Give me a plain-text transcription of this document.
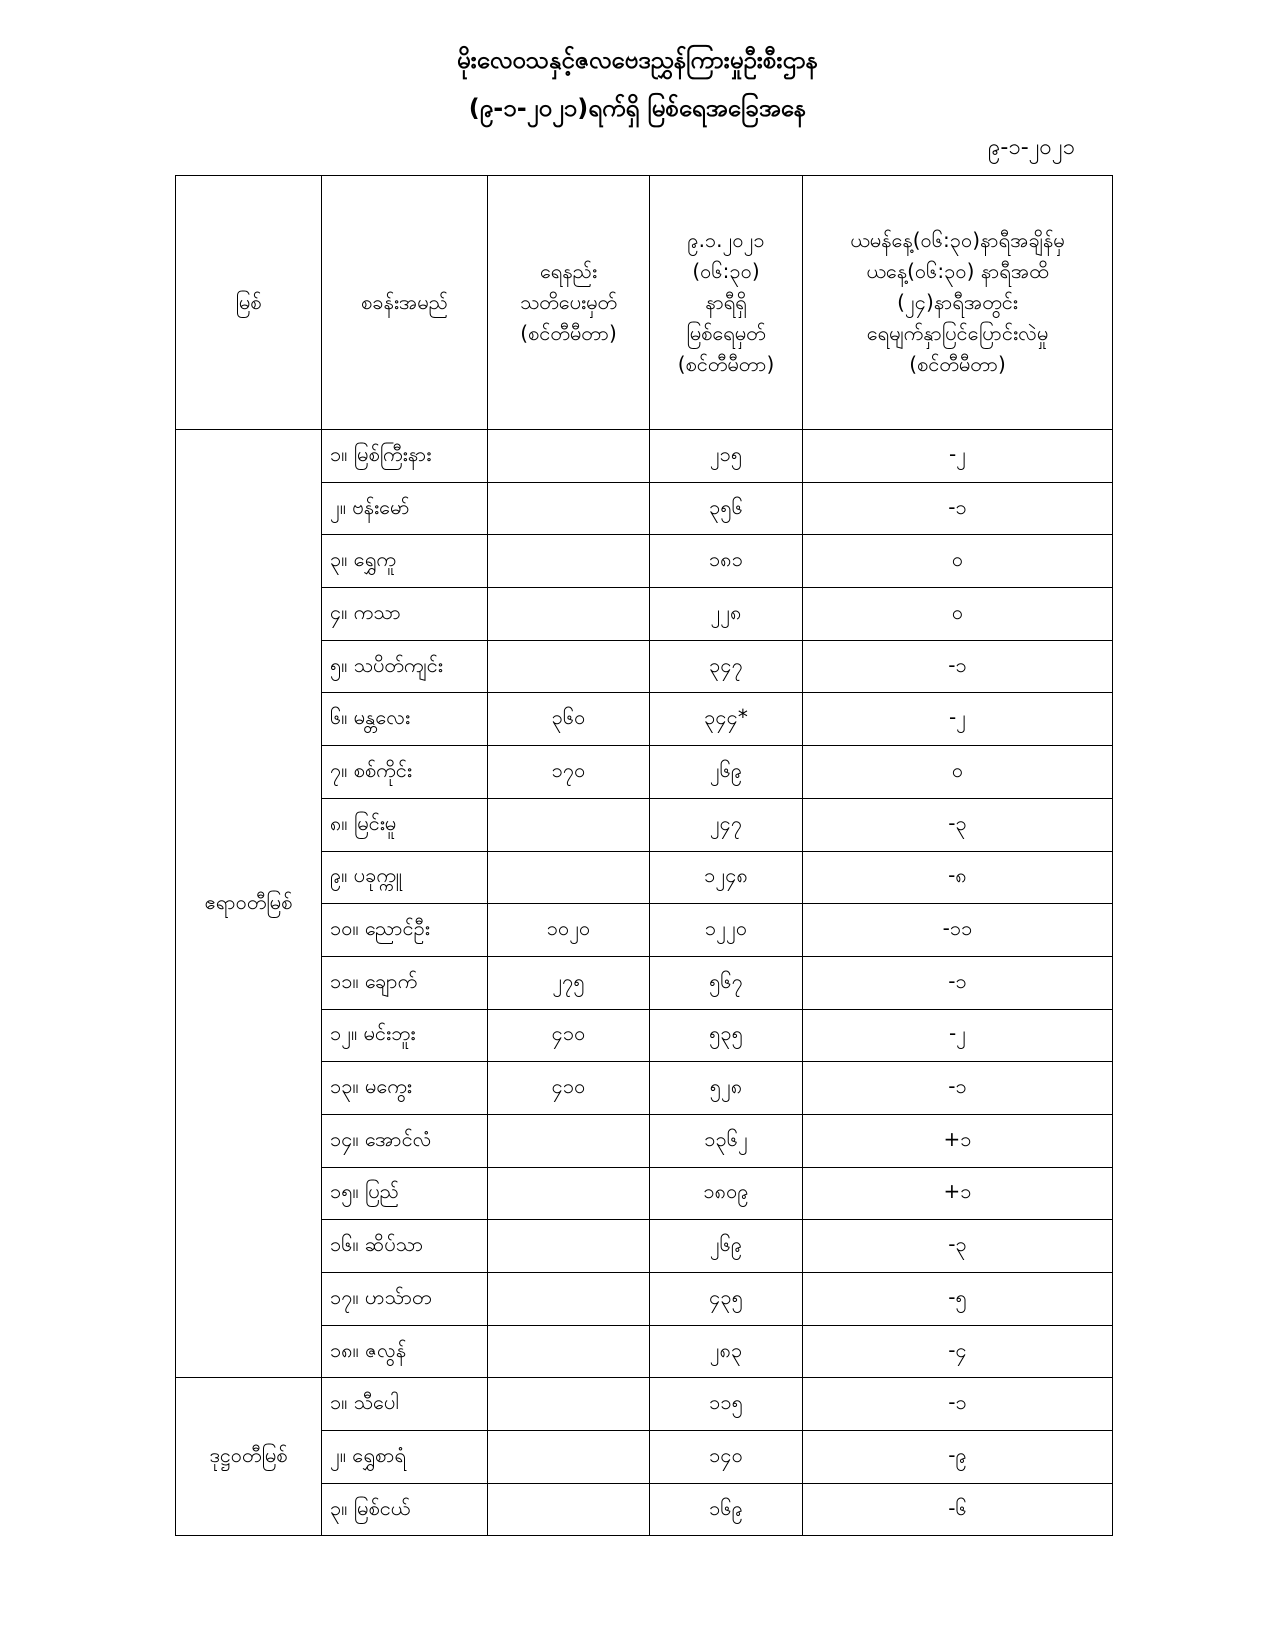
မိုးလေဝသနှင့်ဇလဗေဒညွှန်ကြားမှုဦးစီးဌာန
(၉-၁-၂၀၂၁)ရက်ရှိ မြစ်ရေအခြေအနေ
၉-၁-၂၀၂၁
မြစ်	စခန်းအမည်	ရေနည်း
သတိပေးမှတ်
(စင်တီမီတာ)	၉.၁.၂၀၂၁
(၀၆:၃၀)
နာရီရှိ
မြစ်ရေမှတ်
(စင်တီမီတာ)	ယမန်နေ့(၀၆:၃၀)နာရီအချိန်မှ
ယနေ့(၀၆:၃၀) နာရီအထိ
(၂၄)နာရီအတွင်း
ရေမျက်နှာပြင်ပြောင်းလဲမှု
(စင်တီမီတာ)

ဧရာဝတီမြစ်	၁။ မြစ်ကြီးနား		၂၁၅	-၂
	၂။ ဗန်းမော်		၃၅၆	-၁
	၃။ ရွှေကူ		၁၈၁	၀
	၄။ ကသာ		၂၂၈	၀
	၅။ သပိတ်ကျင်း		၃၄၇	-၁
	၆။ မန္တလေး	၃၆၀	၃၄၄*	-၂
	၇။ စစ်ကိုင်း	၁၇၀	၂၆၉	၀
	၈။ မြင်းမူ		၂၄၇	-၃
	၉။ ပခုက္ကူ		၁၂၄၈	-၈
	၁၀။ ညောင်ဦး	၁၀၂၀	၁၂၂၀	-၁၁
	၁၁။ ချောက်	၂၇၅	၅၆၇	-၁
	၁၂။ မင်းဘူး	၄၁၀	၅၃၅	-၂
	၁၃။ မကွေး	၄၁၀	၅၂၈	-၁
	၁၄။ အောင်လံ		၁၃၆၂	+၁
	၁၅။ ပြည်		၁၈၀၉	+၁
	၁၆။ ဆိပ်သာ		၂၆၉	-၃
	၁၇။ ဟသ်ာတ		၄၃၅	-၅
	၁၈။ ဇလွန်		၂၈၃	-၄
ဒုဋ္ဌဝတီမြစ်	၁။ သီပေါ		၁၁၅	-၁
	၂။ ရွှေစာရံ		၁၄၀	-၉
	၃။ မြစ်ငယ်		၁၆၉	-၆
